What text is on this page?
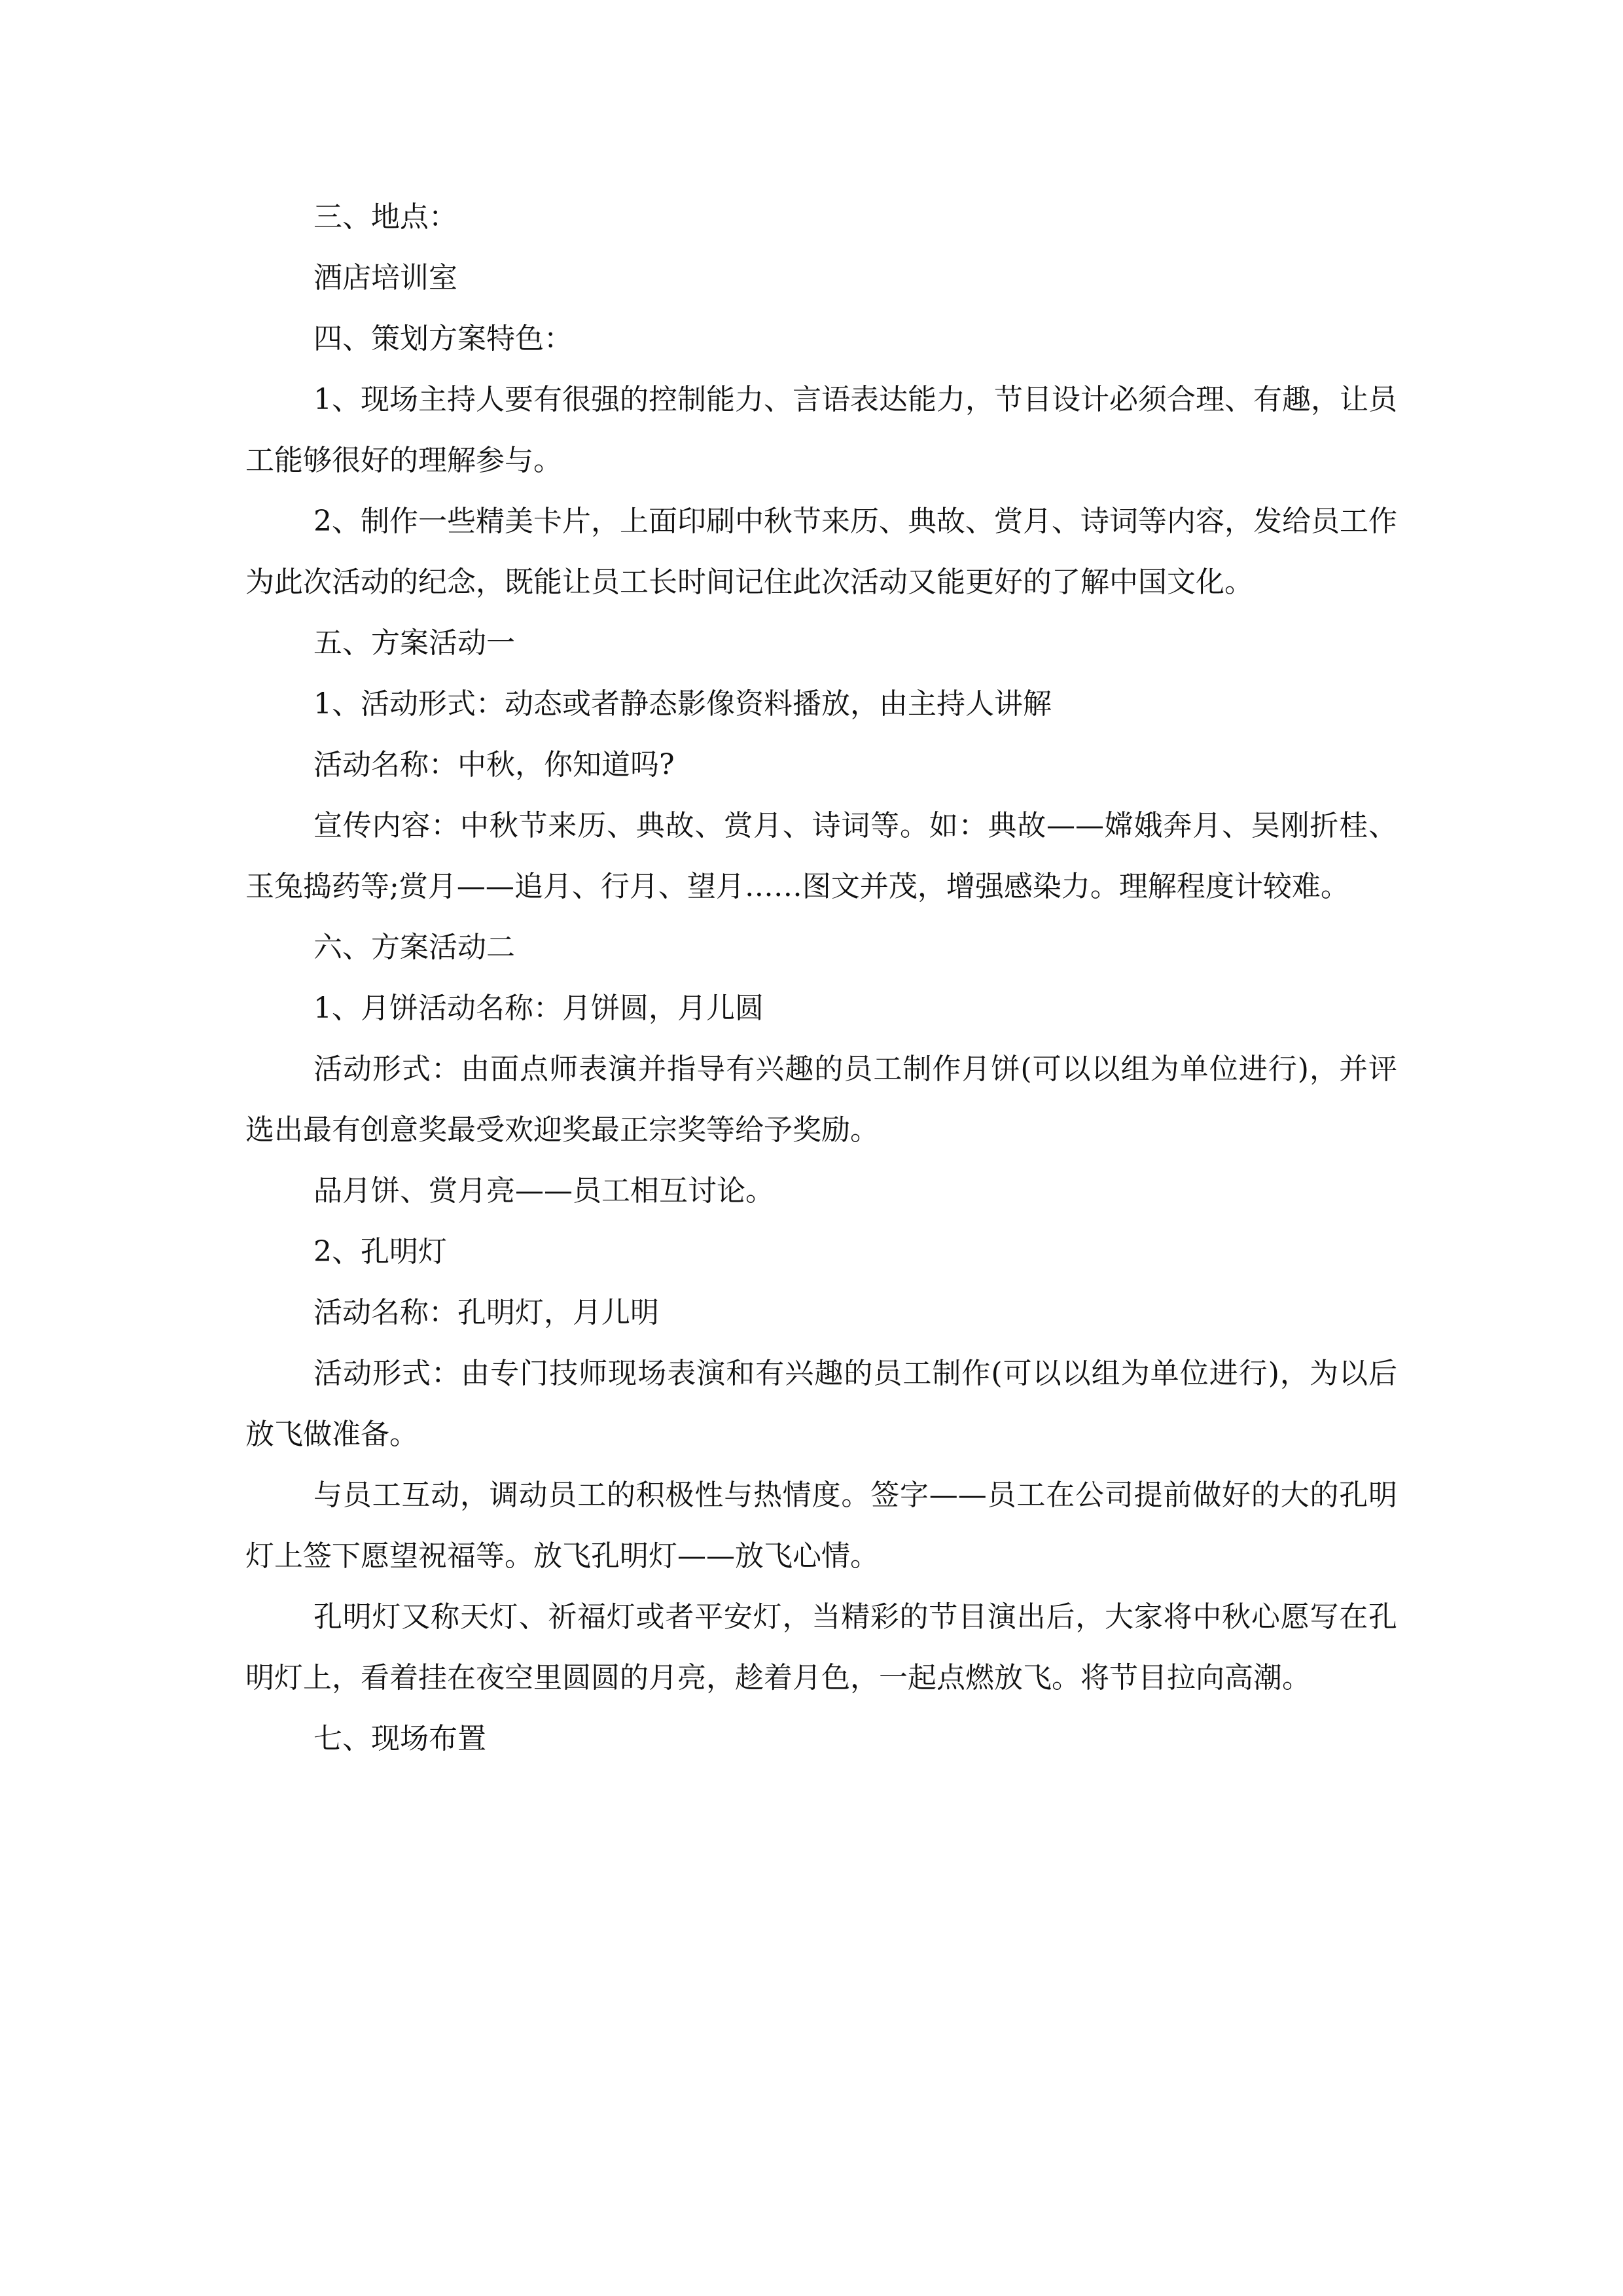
三、地点：

酒店培训室

四、策划方案特色：

1、现场主持人要有很强的控制能力、言语表达能力，节目设计必须合理、有趣，让员工能够很好的理解参与。

2、制作一些精美卡片，上面印刷中秋节来历、典故、赏月、诗词等内容，发给员工作为此次活动的纪念，既能让员工长时间记住此次活动又能更好的了解中国文化。

五、方案活动一

1、活动形式：动态或者静态影像资料播放，由主持人讲解

活动名称：中秋，你知道吗?

宣传内容：中秋节来历、典故、赏月、诗词等。如：典故——嫦娥奔月、吴刚折桂、玉兔捣药等;赏月——追月、行月、望月……图文并茂，增强感染力。理解程度计较难。

六、方案活动二

1、月饼活动名称：月饼圆，月儿圆

活动形式：由面点师表演并指导有兴趣的员工制作月饼(可以以组为单位进行)，并评选出最有创意奖最受欢迎奖最正宗奖等给予奖励。

品月饼、赏月亮——员工相互讨论。

2、孔明灯

活动名称：孔明灯，月儿明

活动形式：由专门技师现场表演和有兴趣的员工制作(可以以组为单位进行)，为以后放飞做准备。

与员工互动，调动员工的积极性与热情度。签字——员工在公司提前做好的大的孔明灯上签下愿望祝福等。放飞孔明灯——放飞心情。

孔明灯又称天灯、祈福灯或者平安灯，当精彩的节目演出后，大家将中秋心愿写在孔明灯上，看着挂在夜空里圆圆的月亮，趁着月色，一起点燃放飞。将节目拉向高潮。

七、现场布置
